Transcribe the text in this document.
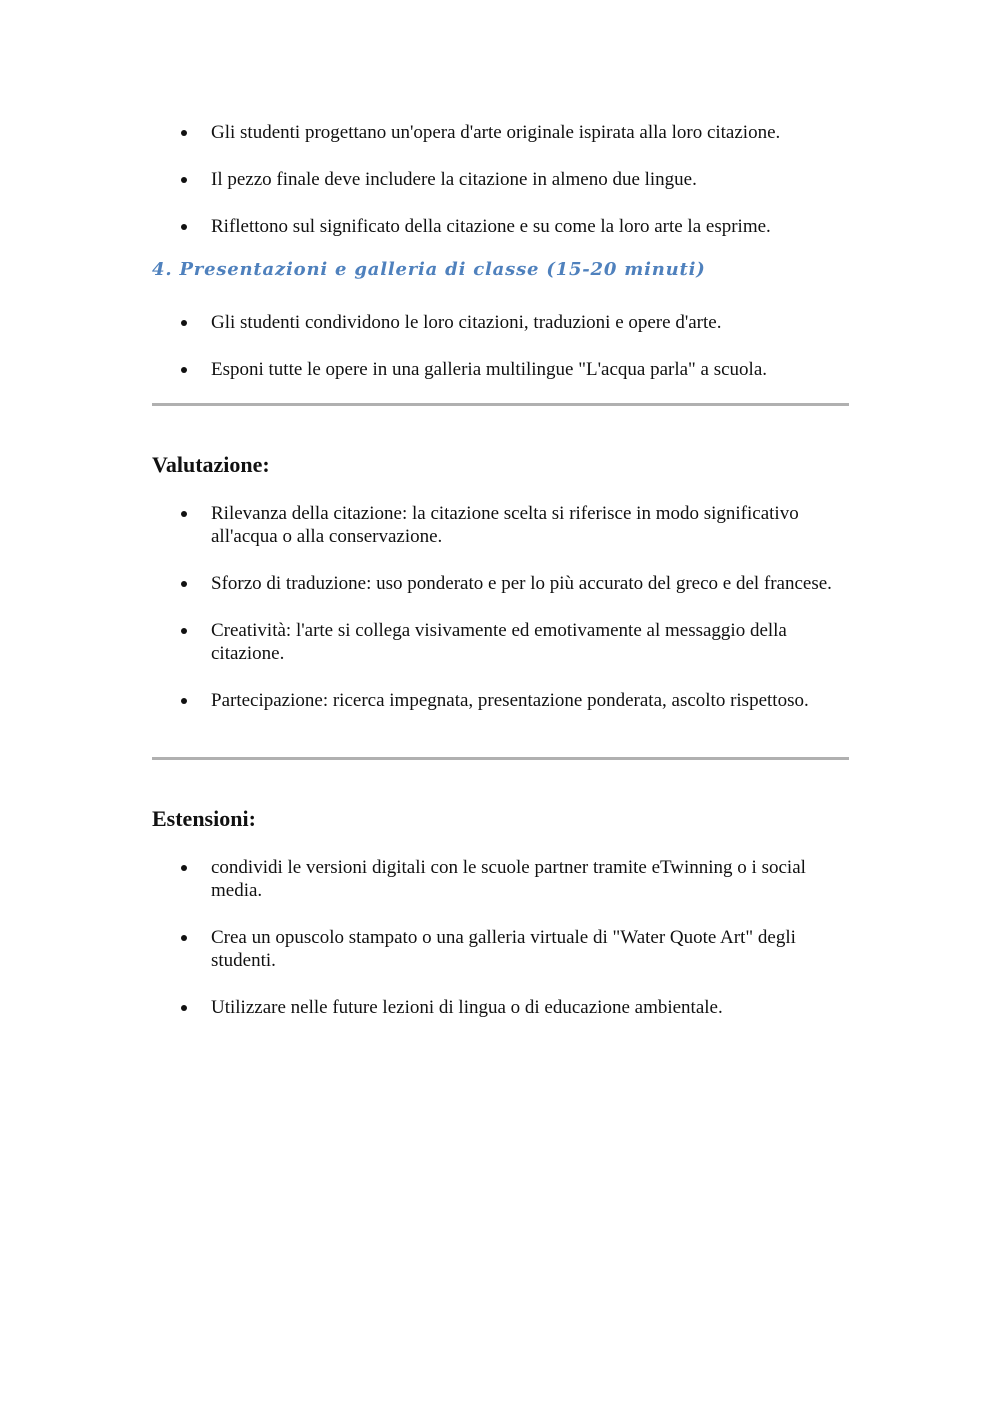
Gli studenti progettano un'opera d'arte originale ispirata alla loro citazione.
Il pezzo finale deve includere la citazione in almeno due lingue.
Riflettono sul significato della citazione e su come la loro arte la esprime.
4. Presentazioni e galleria di classe (15-20 minuti)
Gli studenti condividono le loro citazioni, traduzioni e opere d'arte.
Esponi tutte le opere in una galleria multilingue "L'acqua parla" a scuola.
Valutazione:
Rilevanza della citazione: la citazione scelta si riferisce in modo significativo all'acqua o alla conservazione.
Sforzo di traduzione: uso ponderato e per lo più accurato del greco e del francese.
Creatività: l'arte si collega visivamente ed emotivamente al messaggio della citazione.
Partecipazione: ricerca impegnata, presentazione ponderata, ascolto rispettoso.
Estensioni:
condividi le versioni digitali con le scuole partner tramite eTwinning o i social media.
Crea un opuscolo stampato o una galleria virtuale di "Water Quote Art" degli studenti.
Utilizzare nelle future lezioni di lingua o di educazione ambientale.
